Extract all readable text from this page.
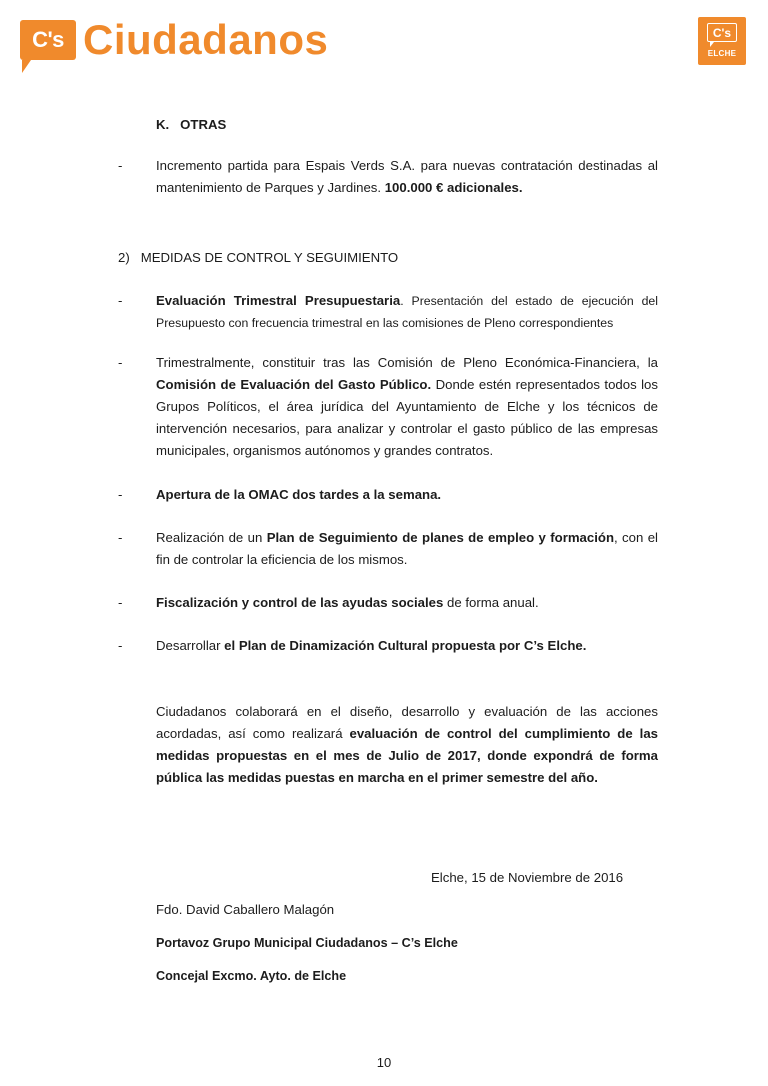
C's Ciudadanos	C's
ELCHE
K.   OTRAS
-	Incremento partida para Espais Verds S.A. para nuevas contratación destinadas al mantenimiento de Parques y Jardines. 100.000 € adicionales.
2)   MEDIDAS DE CONTROL Y SEGUIMIENTO
-	Evaluación Trimestral Presupuestaria. Presentación del estado de ejecución del Presupuesto con frecuencia trimestral en las comisiones de Pleno correspondientes
-	Trimestralmente, constituir tras las Comisión de Pleno Económica-Financiera, la Comisión de Evaluación del Gasto Público. Donde estén representados todos los Grupos Políticos, el área jurídica del Ayuntamiento de Elche y los técnicos de intervención necesarios, para analizar y controlar el gasto público de las empresas municipales, organismos autónomos y grandes contratos.
-	Apertura de la OMAC dos tardes a la semana.
-	Realización de un Plan de Seguimiento de planes de empleo y formación, con el fin de controlar la eficiencia de los mismos.
-	Fiscalización y control de las ayudas sociales de forma anual.
-	Desarrollar el Plan de Dinamización Cultural propuesta por C’s Elche.
Ciudadanos colaborará en el diseño, desarrollo y evaluación de las acciones acordadas, así como realizará evaluación de control del cumplimiento de las medidas propuestas en el mes de Julio de 2017, donde expondrá de forma pública las medidas puestas en marcha en el primer semestre del año.
Elche, 15 de Noviembre de 2016
Fdo. David Caballero Malagón
Portavoz Grupo Municipal Ciudadanos – C’s Elche
Concejal Excmo. Ayto. de Elche
10
